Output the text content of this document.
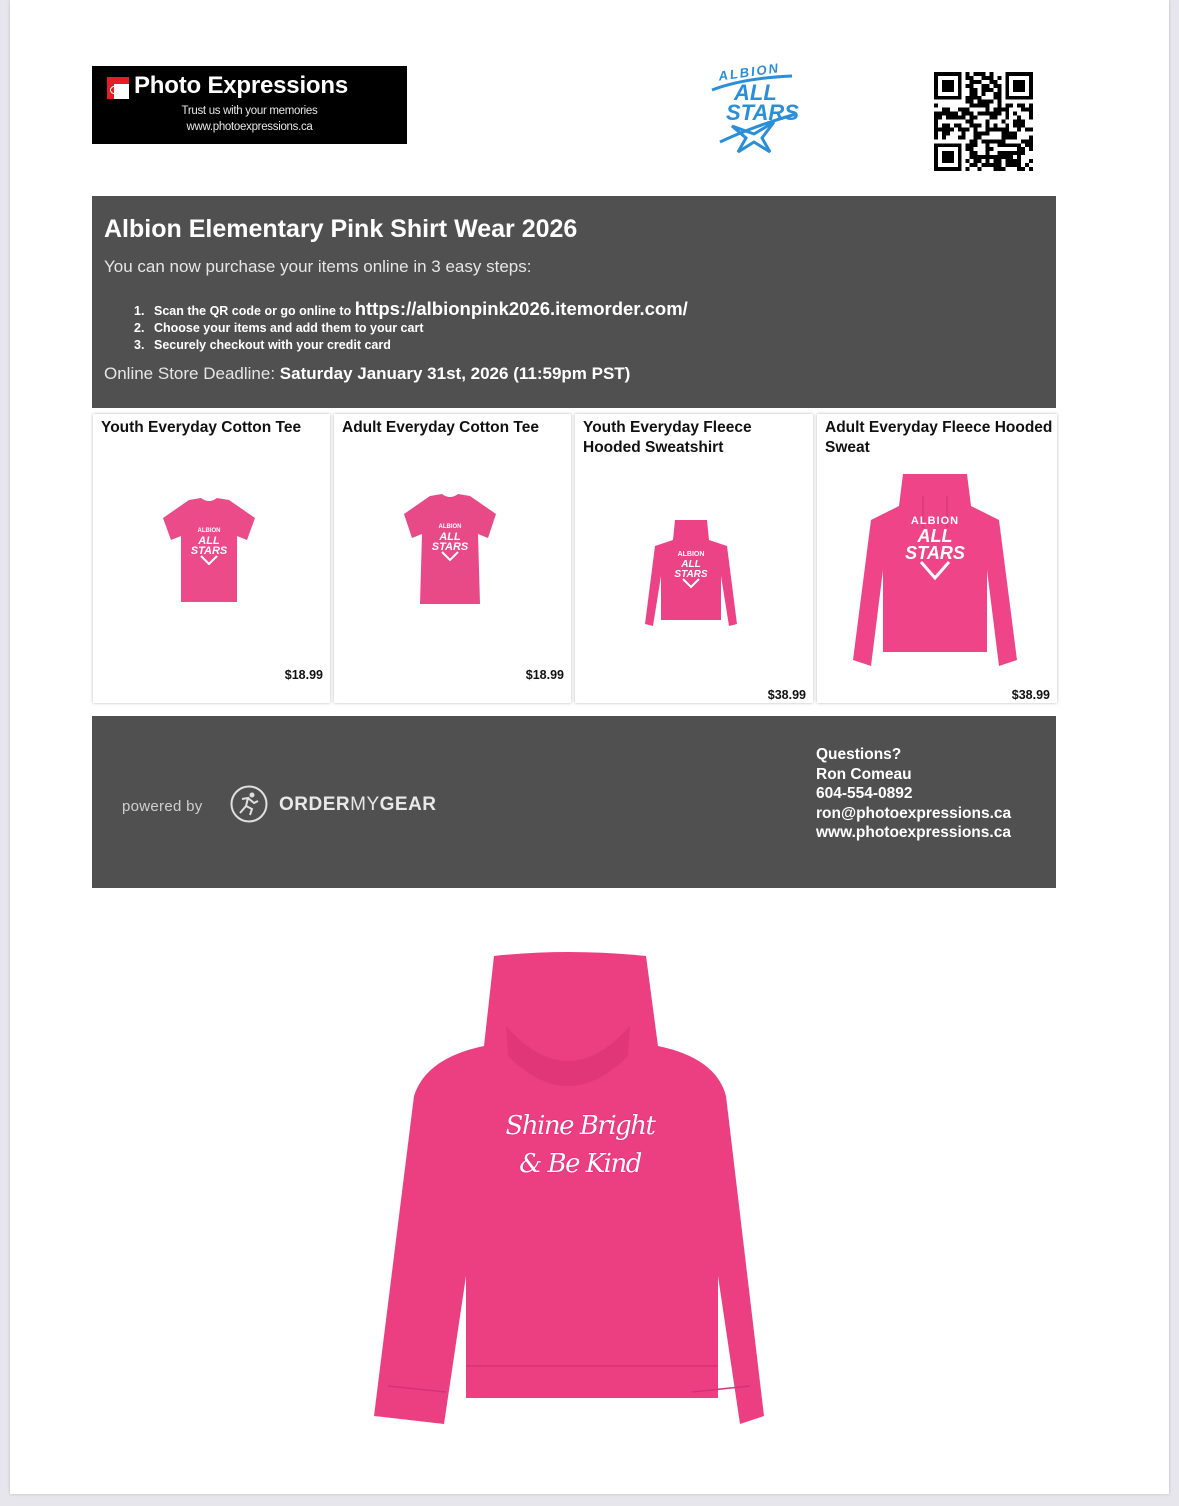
Photo Expressions
Trust us with your memories
www.photoexpressions.ca
ALBION
ALL
STARS
Albion Elementary Pink Shirt Wear 2026
You can now purchase your items online in 3 easy steps:
1. Scan the QR code or go online to https://albionpink2026.itemorder.com/
2. Choose your items and add them to your cart
3. Securely checkout with your credit card
Online Store Deadline: Saturday January 31st, 2026 (11:59pm PST)
Youth Everyday Cotton Tee
ALBION
ALL
STARS
$18.99
Adult Everyday Cotton Tee
ALBION
ALL
STARS
$18.99
Youth Everyday Fleece Hooded Sweatshirt
ALBION
ALL
STARS
$38.99
Adult Everyday Fleece Hooded Sweat
ALBION
ALL
STARS
$38.99
powered by	ORDERMYGEAR
Questions?
Ron Comeau
604-554-0892
ron@photoexpressions.ca
www.photoexpressions.ca
Shine Bright
& Be Kind
